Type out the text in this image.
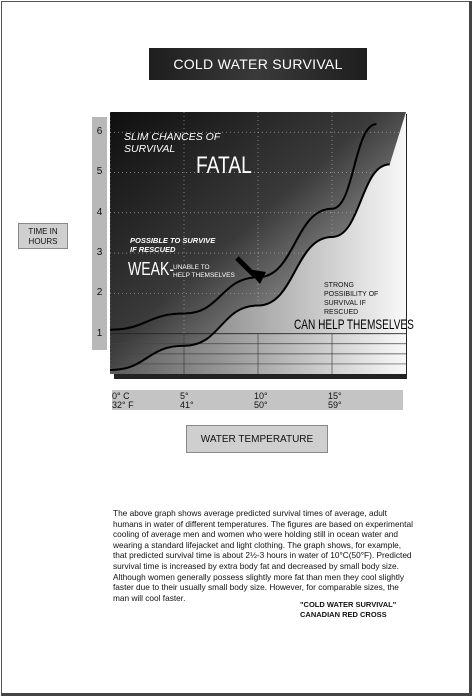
COLD WATER SURVIVAL
TIME IN
HOURS
1
2
3
4
5
6	SLIM CHANCES OF
SURVIVAL
FATAL
POSSIBLE TO SURVIVE
IF RESCUED
WEAK-
UNABLE TO
HELP THEMSELVES
STRONG
POSSIBILITY OF
SURVIVAL IF
RESCUED
CAN HELP THEMSELVES
0° C
32° F
5°
41°
10°
50°
15°
59°
WATER TEMPERATURE

The above graph shows average predicted survival times of average, adult humans in water of different temperatures. The figures are based on experimental cooling of average men and women who were holding still in ocean water and wearing a standard lifejacket and light clothing. The graph shows, for example, that predicted survival time is about 2½-3 hours in water of 10°C(50°F). Predicted survival time is increased by extra body fat and decreased by small body size. Although women generally possess slightly more fat than men they cool slightly faster due to their usually small body size. However, for comparable sizes, the man will cool faster.

"COLD WATER SURVIVAL"
CANADIAN RED CROSS
